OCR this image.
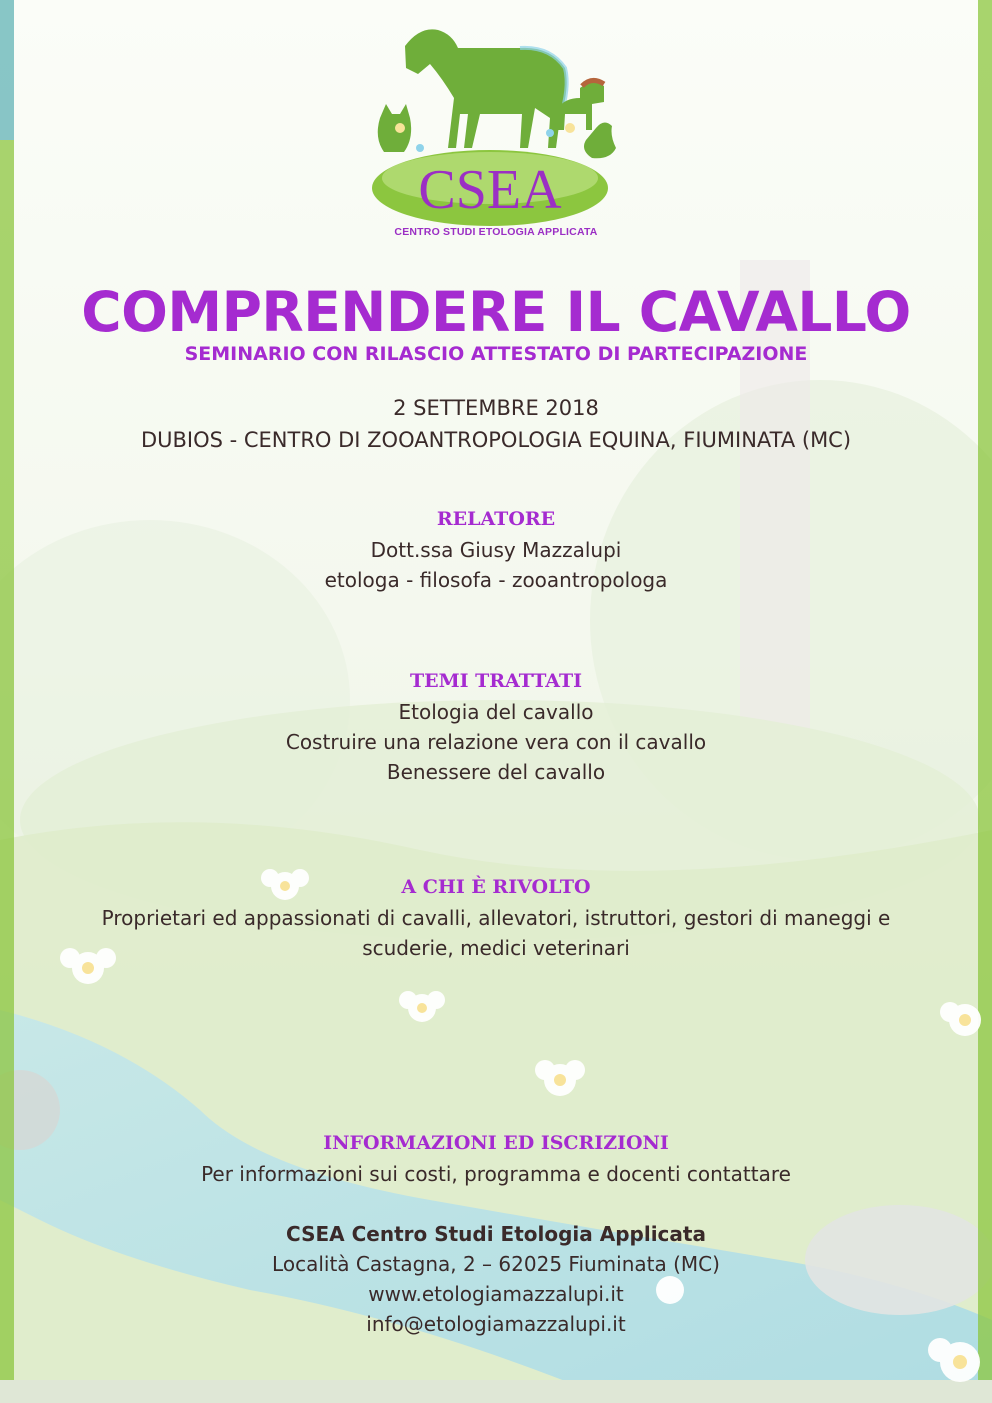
CSEA
CENTRO STUDI ETOLOGIA APPLICATA
COMPRENDERE IL CAVALLO
SEMINARIO CON RILASCIO ATTESTATO DI PARTECIPAZIONE
2 SETTEMBRE 2018
DUBIOS - CENTRO DI ZOOANTROPOLOGIA EQUINA, FIUMINATA (MC)
RELATORE
Dott.ssa Giusy Mazzalupi
etologa - filosofa - zooantropologa
TEMI TRATTATI
Etologia del cavallo
Costruire una relazione vera con il cavallo
Benessere del cavallo
A CHI È RIVOLTO
Proprietari ed appassionati di cavalli, allevatori, istruttori, gestori di maneggi e
scuderie, medici veterinari
INFORMAZIONI ED ISCRIZIONI
Per informazioni sui costi, programma e docenti contattare
CSEA Centro Studi Etologia Applicata
Località Castagna, 2 – 62025 Fiuminata (MC)
www.etologiamazzalupi.it
info@etologiamazzalupi.it
